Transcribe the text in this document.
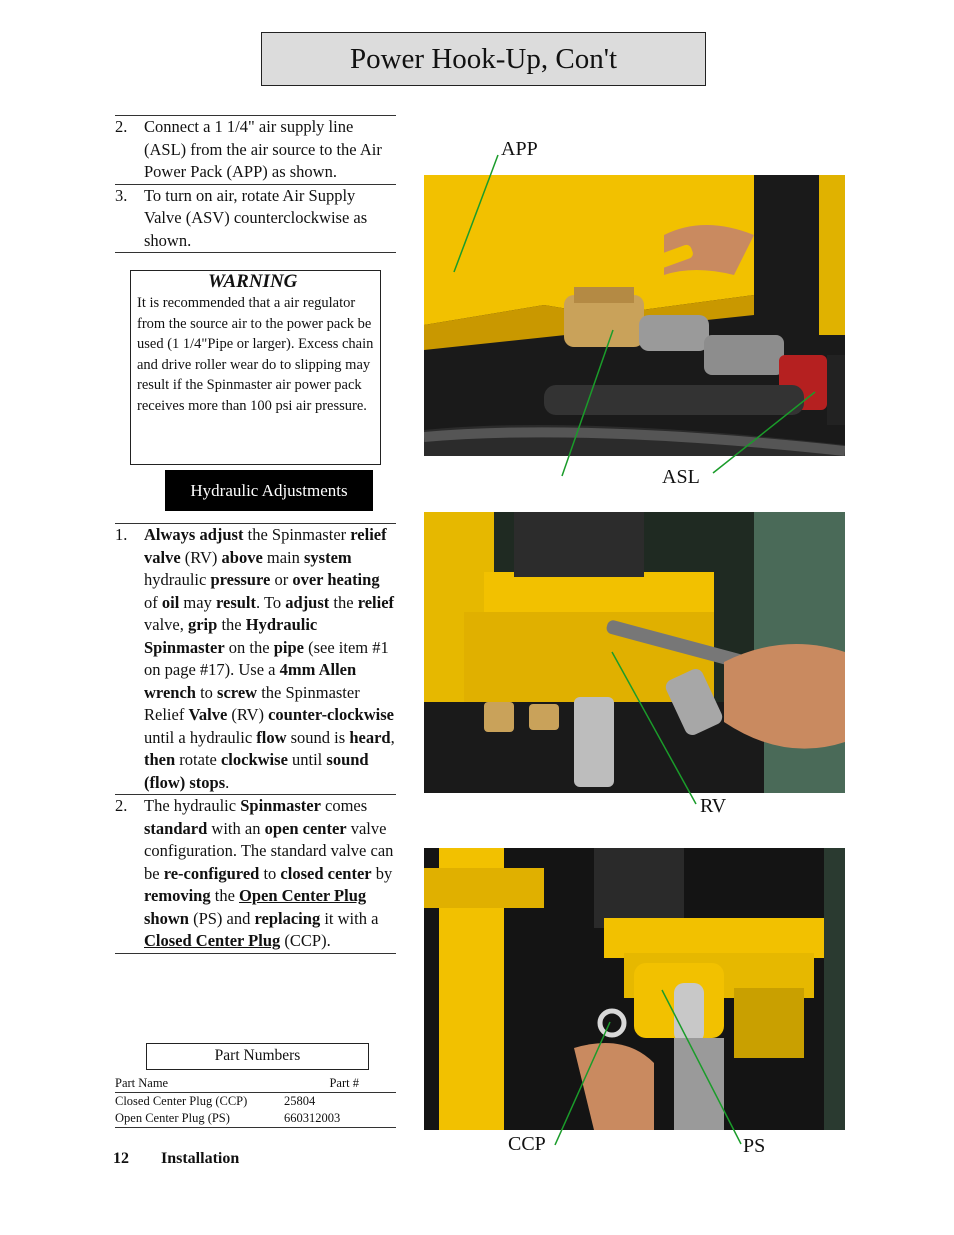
Power Hook-Up, Con't
2. Connect a 1 1/4" air supply line (ASL) from the air source to the Air Power Pack (APP) as shown.
3. To turn on air, rotate Air Supply Valve (ASV) counterclockwise as shown.
WARNING
It is recommended that a air regulator from the source air to the power pack be used (1 1/4"Pipe or larger). Excess chain and drive roller wear do to slipping may result if the Spinmaster air power pack receives more than 100 psi air pressure.
Hydraulic Adjustments
1. Always adjust the Spinmaster relief valve (RV) above main system hydraulic pressure or over heating of oil may result. To adjust the relief valve, grip the Hydraulic Spinmaster on the pipe (see item #1 on page #17). Use a 4mm Allen wrench to screw the Spinmaster Relief Valve (RV) counter-clockwise until a hydraulic flow sound is heard, then rotate clockwise until sound (flow) stops.
2. The hydraulic Spinmaster comes standard with an open center valve configuration. The standard valve can be re-configured to closed center by removing the Open Center Plug shown (PS) and replacing it with a Closed Center Plug (CCP).
Part Numbers
Part Name	Part #
Closed Center Plug (CCP)	25804
Open Center Plug (PS)	660312003
12 Installation
APP
ASL
RV
CCP	PS
